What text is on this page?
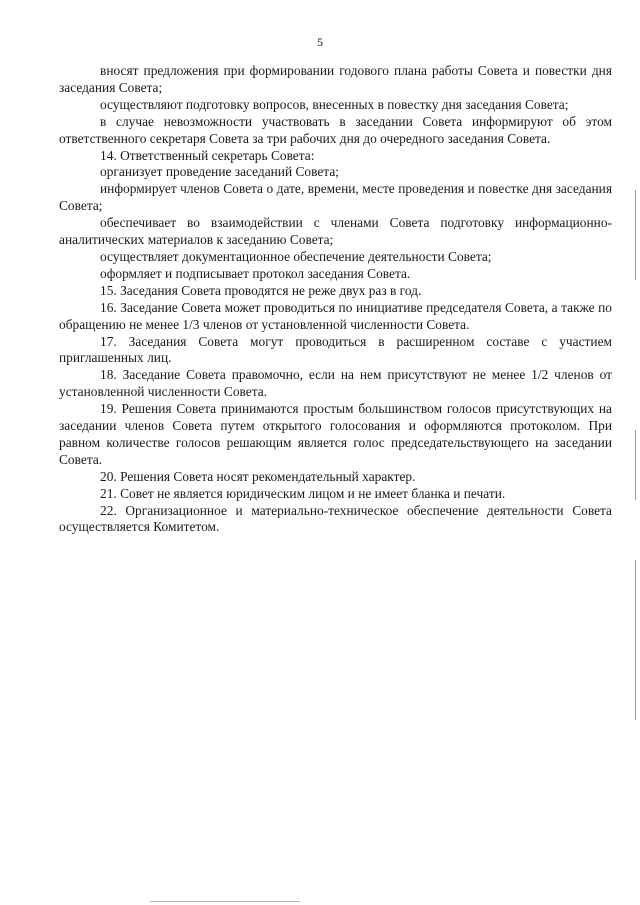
5

вносят предложения при формировании годового плана работы Совета и повестки дня заседания Совета;

осуществляют подготовку вопросов, внесенных в повестку дня заседания Совета;

в случае невозможности участвовать в заседании Совета информируют об этом ответственного секретаря Совета за три рабочих дня до очередного заседания Совета.

14. Ответственный секретарь Совета:

организует проведение заседаний Совета;

информирует членов Совета о дате, времени, месте проведения и повестке дня заседания Совета;

обеспечивает во взаимодействии с членами Совета подготовку информационно-аналитических материалов к заседанию Совета;

осуществляет документационное обеспечение деятельности Совета;

оформляет и подписывает протокол заседания Совета.

15. Заседания Совета проводятся не реже двух раз в год.

16. Заседание Совета может проводиться по инициативе председателя Совета, а также по обращению не менее 1/3 членов от установленной численности Совета.

17. Заседания Совета могут проводиться в расширенном составе с участием приглашенных лиц.

18. Заседание Совета правомочно, если на нем присутствуют не менее 1/2 членов от установленной численности Совета.

19. Решения Совета принимаются простым большинством голосов присутствующих на заседании членов Совета путем открытого голосования и оформляются протоколом. При равном количестве голосов решающим является голос председательствующего на заседании Совета.

20. Решения Совета носят рекомендательный характер.

21. Совет не является юридическим лицом и не имеет бланка и печати.

22. Организационное и материально-техническое обеспечение деятельности Совета осуществляется Комитетом.
